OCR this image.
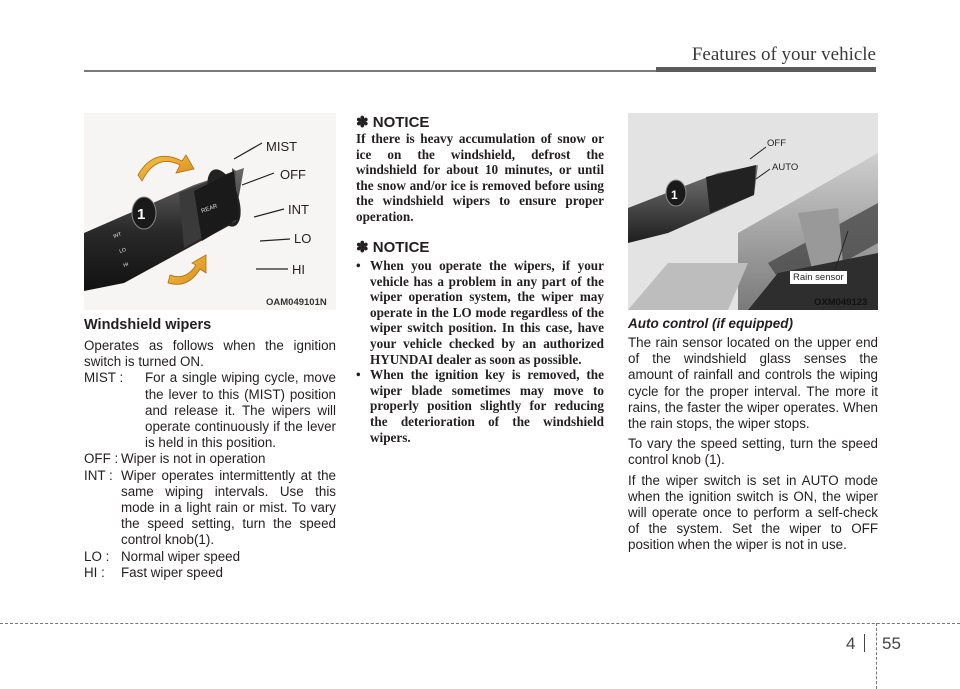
Features of your vehicle
REAR
1
MIST
INT
LO
HI
MIST
OFF
INT
LO
HI
OAM049101N
Windshield wipers

Operates as follows when the ignition switch is turned ON.

MIST : For a single wiping cycle, move the lever to this (MIST) position and release it. The wipers will operate continuously if the lever is held in this position.
OFF : Wiper is not in operation
INT : Wiper operates intermittently at the same wiping intervals. Use this mode in a light rain or mist. To vary the speed setting, turn the speed control knob(1).
LO : Normal wiper speed
HI : Fast wiper speed
✽ NOTICE
If there is heavy accumulation of snow or ice on the windshield, defrost the windshield for about 10 minutes, or until the snow and/or ice is removed before using the windshield wipers to ensure proper operation.
✽ NOTICE
• When you operate the wipers, if your vehicle has a problem in any part of the wiper operation system, the wiper may operate in the LO mode regardless of the wiper switch position. In this case, have your vehicle checked by an authorized HYUNDAI dealer as soon as possible.
• When the ignition key is removed, the wiper blade sometimes may move to properly position slightly for reducing the deterioration of the windshield wipers.
1
OFF
AUTO
Rain sensor
OXM049123
Auto control (if equipped)

The rain sensor located on the upper end of the windshield glass senses the amount of rainfall and controls the wiping cycle for the proper interval. The more it rains, the faster the wiper operates. When the rain stops, the wiper stops.

To vary the speed setting, turn the speed control knob (1).

If the wiper switch is set in AUTO mode when the ignition switch is ON, the wiper will operate once to perform a self-check of the system. Set the wiper to OFF position when the wiper is not in use.

4 55
